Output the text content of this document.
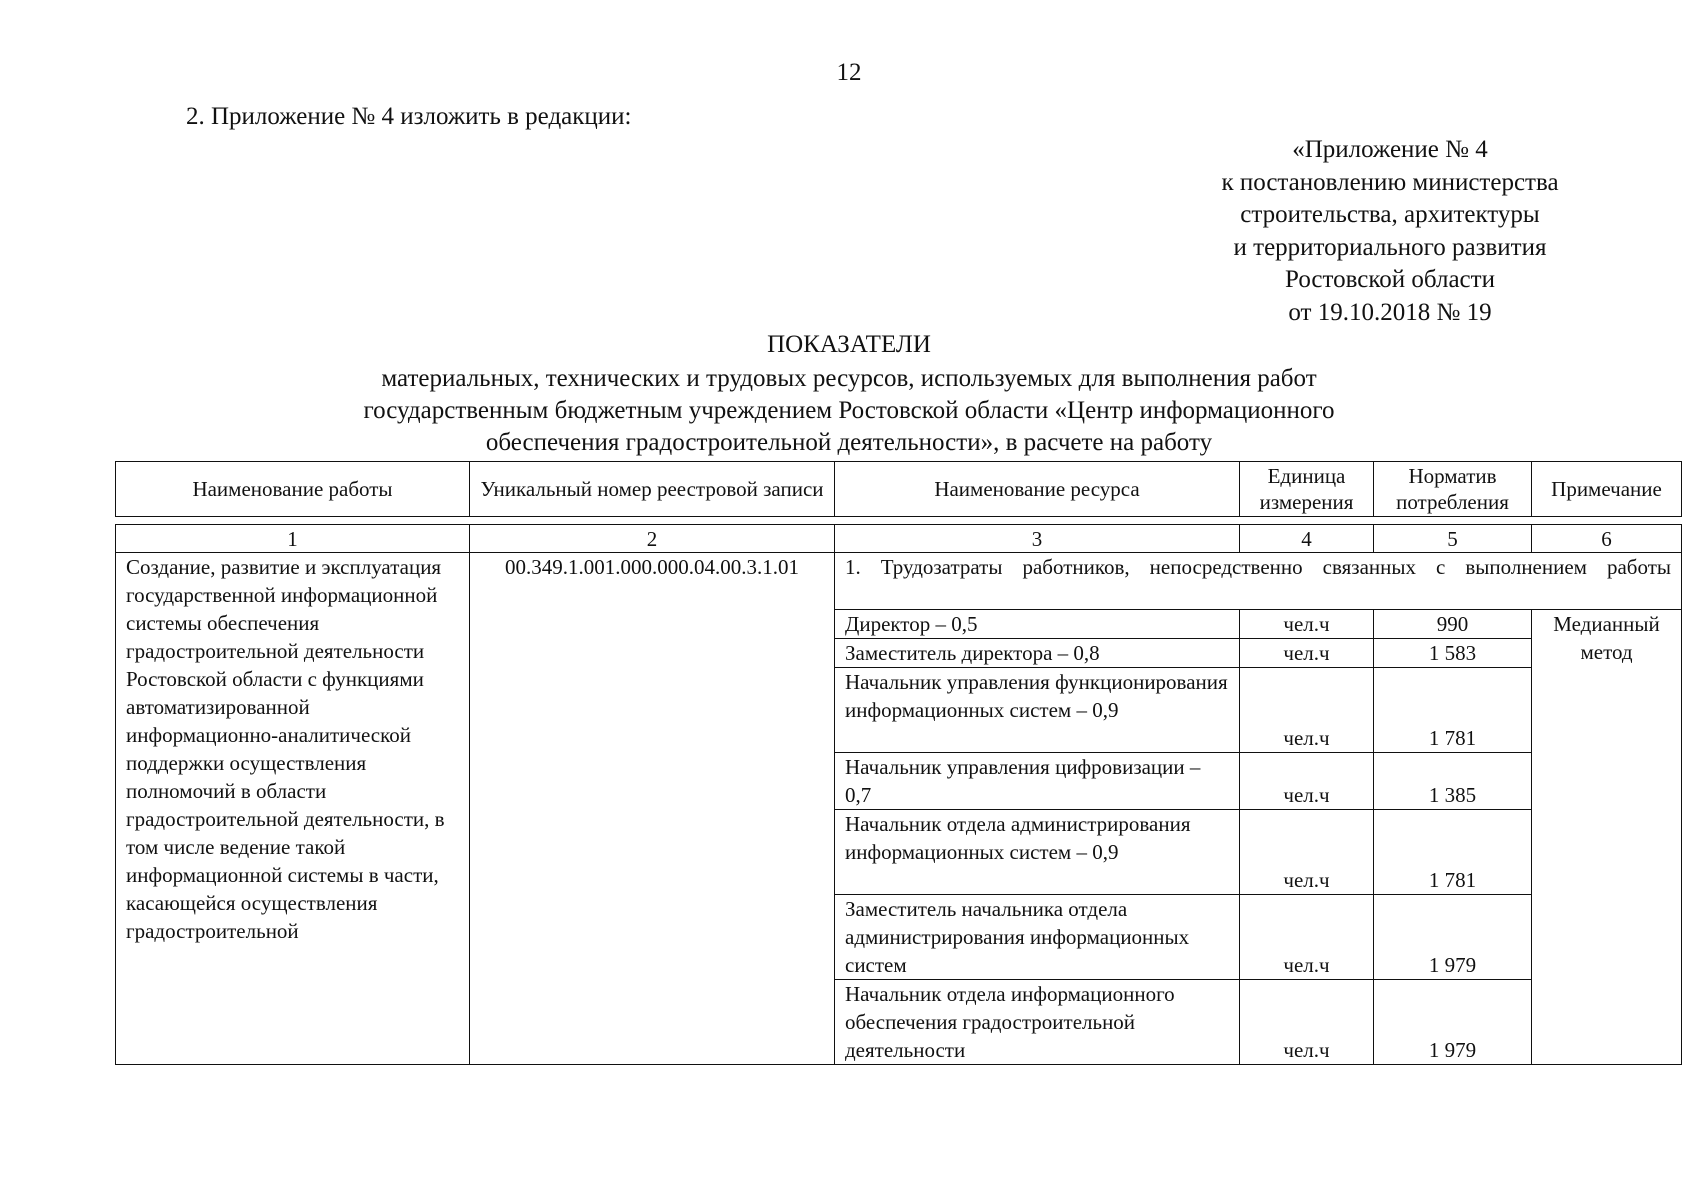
12
2. Приложение № 4 изложить в редакции:
«Приложение № 4
к постановлению министерства
строительства, архитектуры
и территориального развития
Ростовской области
от 19.10.2018 № 19
ПОКАЗАТЕЛИ
материальных, технических и трудовых ресурсов, используемых для выполнения работ
государственным бюджетным учреждением Ростовской области «Центр информационного
обеспечения градостроительной деятельности», в расчете на работу
Наименование работы	Уникальный номер реестровой записи	Наименование ресурса	Единица измерения	Норматив потребления	Примечание
1	2	3	4	5	6
Создание, развитие и эксплуатация государственной информационной системы обеспечения градостроительной деятельности Ростовской области с функциями автоматизированной информационно-аналитической поддержки осуществления полномочий в области градостроительной деятельности, в том числе ведение такой информационной системы в части, касающейся осуществления градостроительной	00.349.1.001.000.000.04.00.3.1.01	1. Трудозатраты работников, непосредственно связанных с выполнением работы			
		Директор – 0,5	чел.ч	990	Медианный метод
		Заместитель директора – 0,8	чел.ч	1 583	
		Начальник управления функционирования информационных систем – 0,9	чел.ч	1 781	
		Начальник управления цифровизации – 0,7	чел.ч	1 385	
		Начальник отдела администрирования информационных систем – 0,9	чел.ч	1 781	
		Заместитель начальника отдела администрирования информационных систем	чел.ч	1 979	
		Начальник отдела информационного обеспечения градостроительной деятельности	чел.ч	1 979	
